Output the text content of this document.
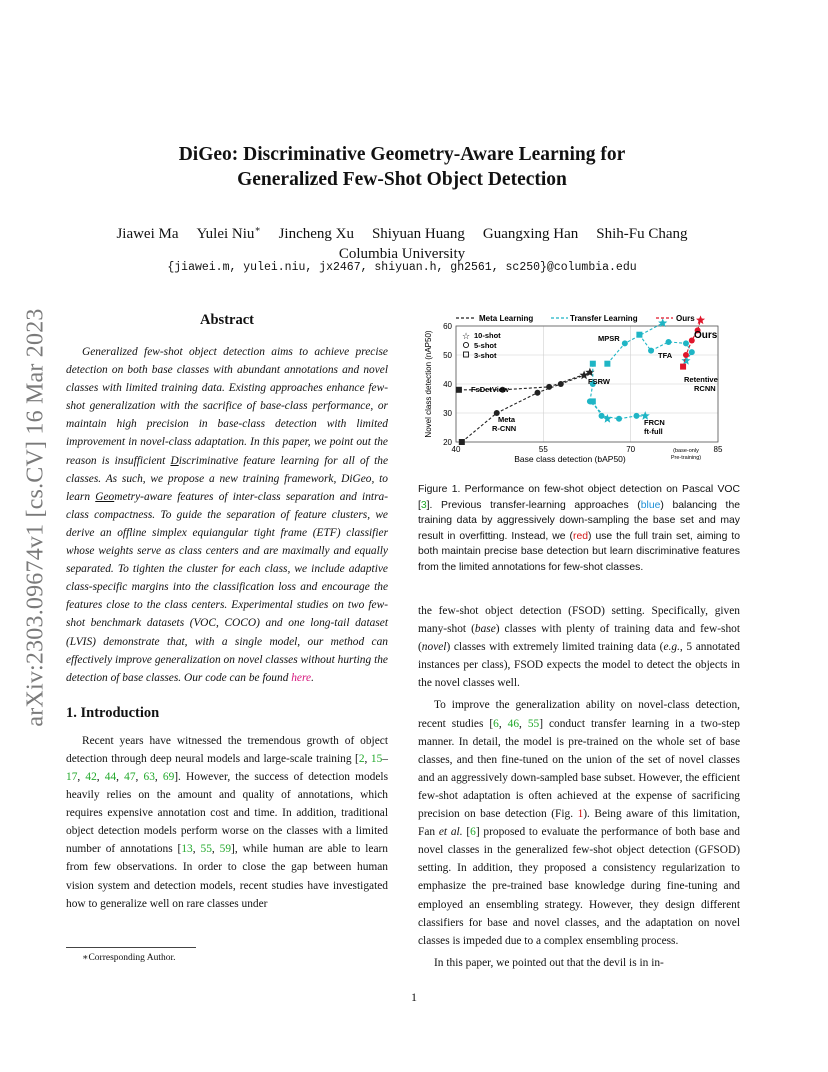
arXiv:2303.09674v1 [cs.CV] 16 Mar 2023
DiGeo: Discriminative Geometry-Aware Learning for
Generalized Few-Shot Object Detection
Jiawei Ma Yulei Niu∗ Jincheng Xu Shiyuan Huang Guangxing Han Shih-Fu Chang
Columbia University
{jiawei.m, yulei.niu, jx2467, shiyuan.h, gh2561, sc250}@columbia.edu
Abstract

Generalized few-shot object detection aims to achieve precise detection on both base classes with abundant annotations and novel classes with limited training data. Existing approaches enhance few-shot generalization with the sacrifice of base-class performance, or maintain high precision in base-class detection with limited improvement in novel-class adaptation. In this paper, we point out the reason is insufficient Discriminative feature learning for all of the classes. As such, we propose a new training framework, DiGeo, to learn Geometry-aware features of inter-class separation and intra-class compactness. To guide the separation of feature clusters, we derive an offline simplex equiangular tight frame (ETF) classifier whose weights serve as class centers and are maximally and equally separated. To tighten the cluster for each class, we include adaptive class-specific margins into the classification loss and encourage the features close to the class centers. Experimental studies on two few-shot benchmark datasets (VOC, COCO) and one long-tail dataset (LVIS) demonstrate that, with a single model, our method can effectively improve generalization on novel classes without hurting the detection of base classes. Our code can be found here.

1. Introduction

Recent years have witnessed the tremendous growth of object detection through deep neural models and large-scale training [2, 15–17, 42, 44, 47, 63, 69]. However, the success of detection models heavily relies on the amount and quality of annotations, which requires expensive annotation cost and time. In addition, traditional object detection models perform worse on the classes with a limited number of annotations [13, 55, 59], while human are able to learn from few observations. In order to close the gap between human vision system and detection models, recent studies have investigated how to generalize well on rare classes under

∗Corresponding Author.
1
20
30
40
50
60
40	55	70	85
Meta Learning	Transfer Learning	Ours
☆ 10-shot
5-shot
3-shot
MPSR
TFA
Ours
FSRW	Retentive
RCNN
FsDetView
Meta
R-CNN
FRCN
ft-full
Base class detection (bAP50)
Novel class detection (nAP50)
(base-only
Pre-training)
Figure 1. Performance on few-shot object detection on Pascal VOC [3]. Previous transfer-learning approaches (blue) balancing the training data by aggressively down-sampling the base set and may result in overfitting. Instead, we (red) use the full train set, aiming to both maintain precise base detection but learn discriminative features from the limited annotations for few-shot classes.

the few-shot object detection (FSOD) setting. Specifically, given many-shot (base) classes with plenty of training data and few-shot (novel) classes with extremely limited training data (e.g., 5 annotated instances per class), FSOD expects the model to detect the objects in the novel classes well.

To improve the generalization ability on novel-class detection, recent studies [6, 46, 55] conduct transfer learning in a two-step manner. In detail, the model is pre-trained on the whole set of base classes, and then fine-tuned on the union of the set of novel classes and an aggressively down-sampled base subset. However, the efficient few-shot adaptation is often achieved at the expense of sacrificing precision on base detection (Fig. 1). Being aware of this limitation, Fan et al. [6] proposed to evaluate the performance of both base and novel classes in the generalized few-shot object detection (GFSOD) setting. In addition, they proposed a consistency regularization to emphasize the pre-trained base knowledge during fine-tuning and employed an ensembling strategy. However, they design different classifiers for base and novel classes, and the adaptation on novel classes is impeded due to a complex ensembling process.

In this paper, we pointed out that the devil is in in-
